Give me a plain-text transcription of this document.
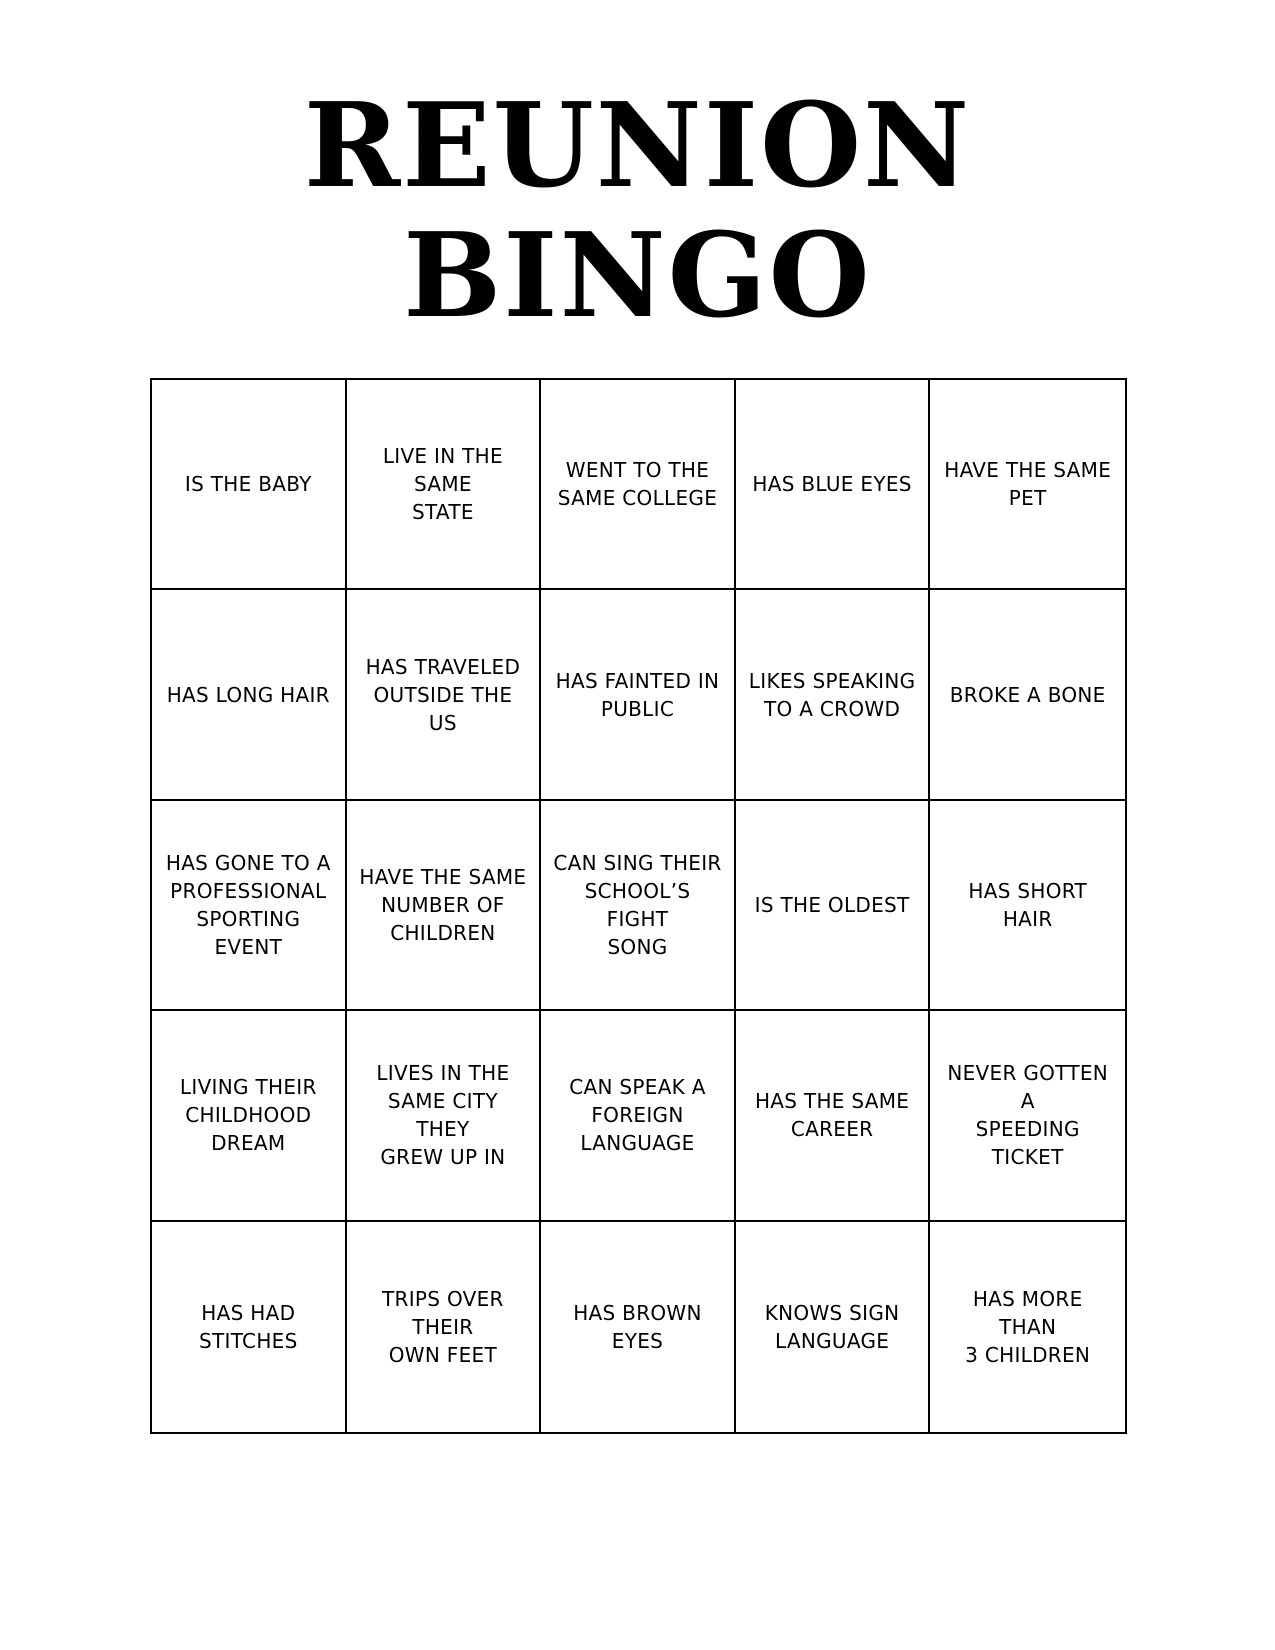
REUNION
BINGO
IS THE BABY
LIVE IN THE SAME
STATE
WENT TO THE
SAME COLLEGE
HAS BLUE EYES
HAVE THE SAME
PET
HAS LONG HAIR
HAS TRAVELED
OUTSIDE THE US
HAS FAINTED IN
PUBLIC
LIKES SPEAKING
TO A CROWD
BROKE A BONE
HAS GONE TO A
PROFESSIONAL
SPORTING EVENT
HAVE THE SAME
NUMBER OF
CHILDREN
CAN SING THEIR
SCHOOL’S FIGHT
SONG
IS THE OLDEST
HAS SHORT HAIR
LIVING THEIR
CHILDHOOD
DREAM
LIVES IN THE
SAME CITY THEY
GREW UP IN
CAN SPEAK A
FOREIGN
LANGUAGE
HAS THE SAME
CAREER
NEVER GOTTEN A
SPEEDING TICKET
HAS HAD
STITCHES
TRIPS OVER THEIR
OWN FEET
HAS BROWN EYES
KNOWS SIGN
LANGUAGE
HAS MORE THAN
3 CHILDREN
